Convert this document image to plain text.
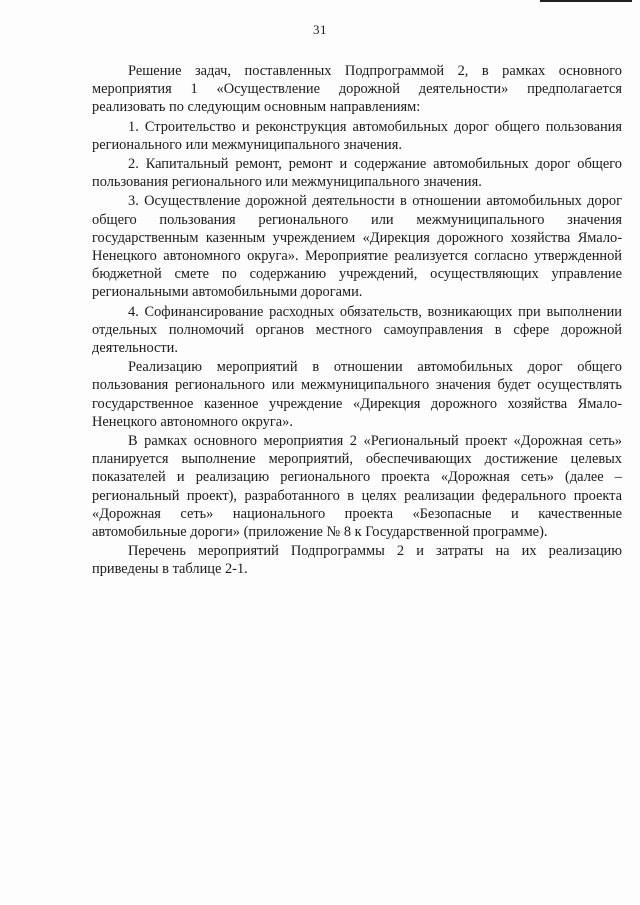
31

Решение задач, поставленных Подпрограммой 2, в рамках основного мероприятия 1 «Осуществление дорожной деятельности» предполагается реализовать по следующим основным направлениям:

1. Строительство и реконструкция автомобильных дорог общего пользования регионального или межмуниципального значения.

2. Капитальный ремонт, ремонт и содержание автомобильных дорог общего пользования регионального или межмуниципального значения.

3. Осуществление дорожной деятельности в отношении автомобильных дорог общего пользования регионального или межмуниципального значения государственным казенным учреждением «Дирекция дорожного хозяйства Ямало-Ненецкого автономного округа». Мероприятие реализуется согласно утвержденной бюджетной смете по содержанию учреждений, осуществляющих управление региональными автомобильными дорогами.

4. Софинансирование расходных обязательств, возникающих при выполнении отдельных полномочий органов местного самоуправления в сфере дорожной деятельности.

Реализацию мероприятий в отношении автомобильных дорог общего пользования регионального или межмуниципального значения будет осуществлять государственное казенное учреждение «Дирекция дорожного хозяйства Ямало-Ненецкого автономного округа».

В рамках основного мероприятия 2 «Региональный проект «Дорожная сеть» планируется выполнение мероприятий, обеспечивающих достижение целевых показателей и реализацию регионального проекта «Дорожная сеть» (далее – региональный проект), разработанного в целях реализации федерального проекта «Дорожная сеть» национального проекта «Безопасные и качественные автомобильные дороги» (приложение № 8 к Государственной программе).

Перечень мероприятий Подпрограммы 2 и затраты на их реализацию приведены в таблице 2-1.
